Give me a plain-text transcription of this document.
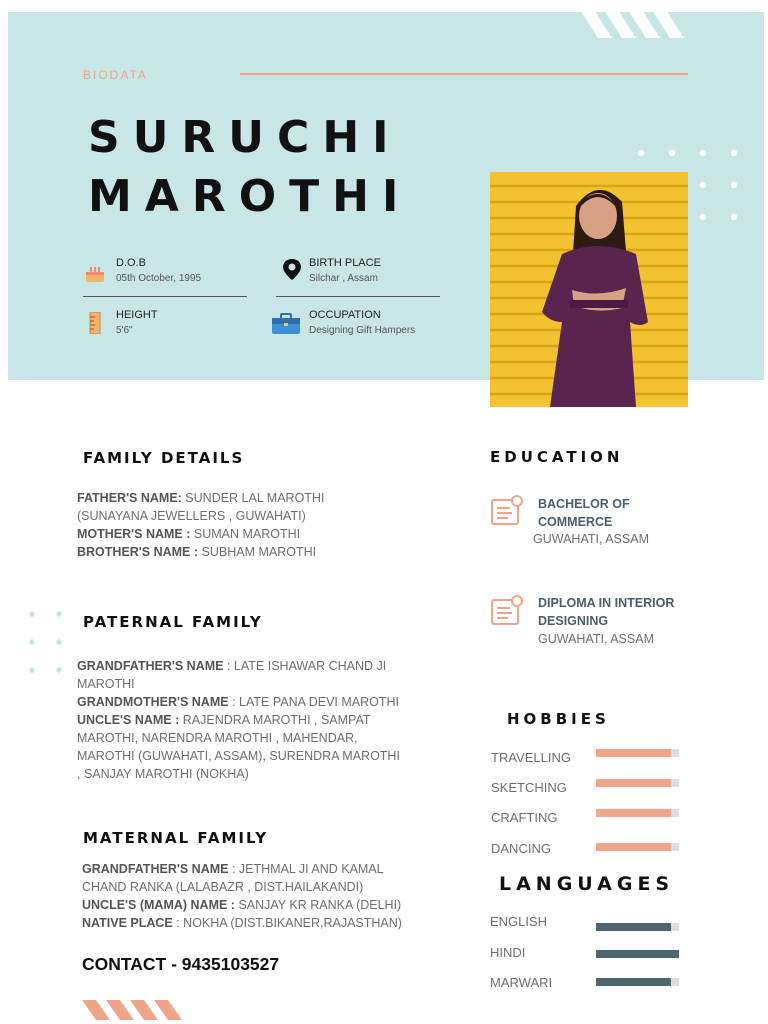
BIODATA
SURUCHI
MAROTHI
D.O.B
05th October, 1995
BIRTH PLACE
Silchar , Assam
HEIGHT
5'6"
OCCUPATION
Designing Gift Hampers
FAMILY DETAILS
FATHER'S NAME: SUNDER LAL MAROTHI (SUNAYANA JEWELLERS , GUWAHATI)
MOTHER'S NAME : SUMAN MAROTHI
BROTHER'S NAME : SUBHAM MAROTHI
PATERNAL FAMILY
GRANDFATHER'S NAME : LATE ISHAWAR CHAND JI MAROTHI
GRANDMOTHER'S NAME : LATE PANA DEVI MAROTHI
UNCLE'S NAME : RAJENDRA MAROTHI , SAMPAT MAROTHI, NARENDRA MAROTHI , MAHENDAR, MAROTHI (GUWAHATI, ASSAM), SURENDRA MAROTHI , SANJAY MAROTHI (NOKHA)
MATERNAL FAMILY
GRANDFATHER'S NAME : JETHMAL JI AND KAMAL CHAND RANKA (LALABAZR , DIST.HAILAKANDI)
UNCLE'S (MAMA) NAME : SANJAY KR RANKA (DELHI)
NATIVE PLACE : NOKHA (DIST.BIKANER,RAJASTHAN)
CONTACT - 9435103527
EDUCATION
BACHELOR OF COMMERCE
GUWAHATI, ASSAM
DIPLOMA IN INTERIOR DESIGNING
GUWAHATI, ASSAM
HOBBIES
TRAVELLING
SKETCHING
CRAFTING
DANCING
LANGUAGES
ENGLISH
HINDI
MARWARI
